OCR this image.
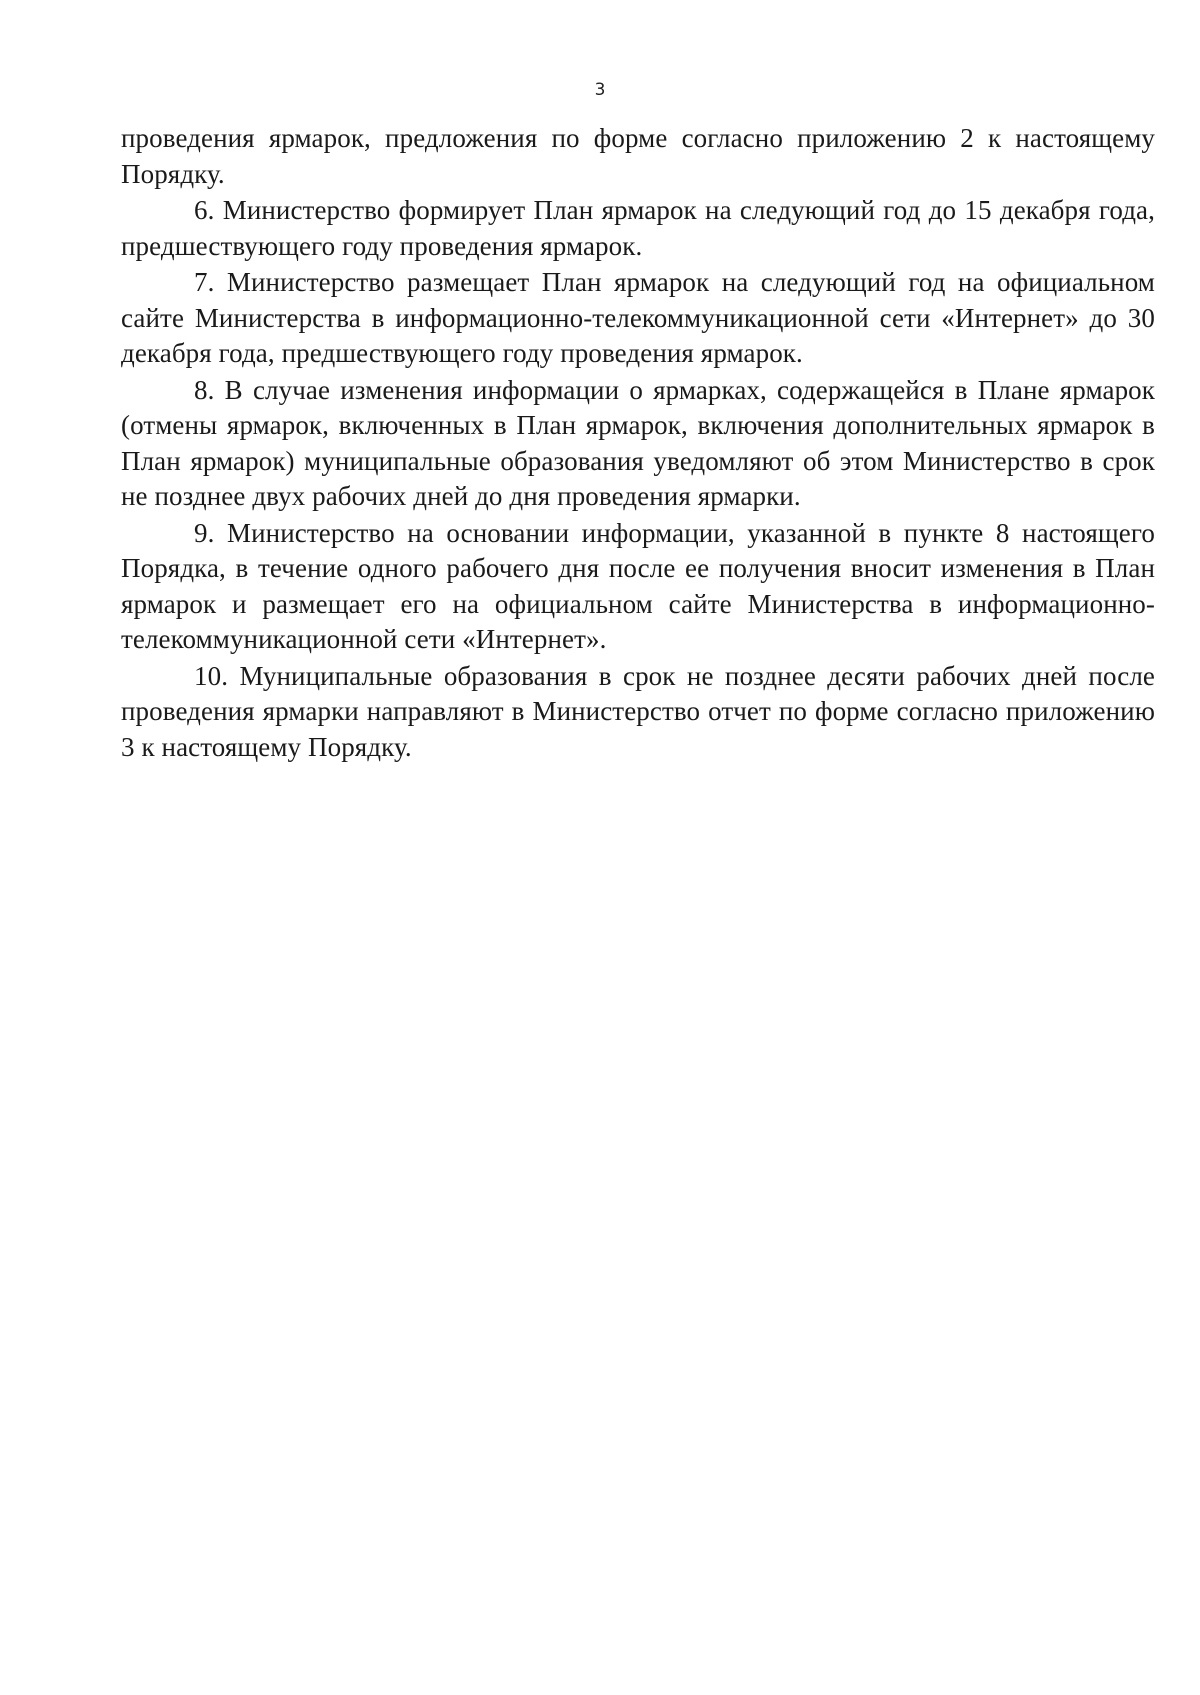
3

проведения ярмарок, предложения по форме согласно приложению 2 к настоящему Порядку.

6. Министерство формирует План ярмарок на следующий год до 15 декабря года, предшествующего году проведения ярмарок.

7. Министерство размещает План ярмарок на следующий год на официальном сайте Министерства в информационно-телекоммуникационной сети «Интернет» до 30 декабря года, предшествующего году проведения ярмарок.

8. В случае изменения информации о ярмарках, содержащейся в Плане ярмарок (отмены ярмарок, включенных в План ярмарок, включения дополнительных ярмарок в План ярмарок) муниципальные образования уведомляют об этом Министерство в срок не позднее двух рабочих дней до дня проведения ярмарки.

9. Министерство на основании информации, указанной в пункте 8 настоящего Порядка, в течение одного рабочего дня после ее получения вносит изменения в План ярмарок и размещает его на официальном сайте Министерства в информационно-телекоммуникационной сети «Интернет».

10. Муниципальные образования в срок не позднее десяти рабочих дней после проведения ярмарки направляют в Министерство отчет по форме согласно приложению 3 к настоящему Порядку.
